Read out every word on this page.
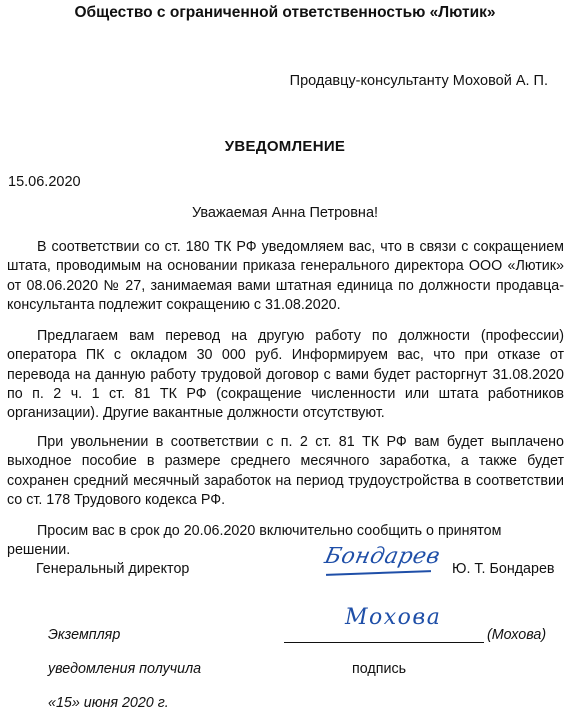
Общество с ограниченной ответственностью «Лютик»
Продавцу-консультанту Моховой А. П.
УВЕДОМЛЕНИЕ
15.06.2020
Уважаемая Анна Петровна!

В соответствии со ст. 180 ТК РФ уведомляем вас, что в связи с сокращением штата, проводимым на основании приказа генерального директора ООО «Лютик» от 08.06.2020 № 27, занимаемая вами штатная единица по должности продавца-консультанта подлежит сокращению с 31.08.2020.

Предлагаем вам перевод на другую работу по должности (профессии) оператора ПК с окладом 30 000 руб. Информируем вас, что при отказе от перевода на данную работу трудовой договор с вами будет расторгнут 31.08.2020 по п. 2 ч. 1 ст. 81 ТК РФ (сокращение численности или штата работников организации). Другие вакантные должности отсутствуют.

При увольнении в соответствии с п. 2 ст. 81 ТК РФ вам будет выплачено выходное пособие в размере среднего месячного заработка, а также будет сохранен средний месячный заработок на период трудоустройства в соответствии со ст. 178 Трудового кодекса РФ.

Просим вас в срок до 20.06.2020 включительно сообщить о принятом решении.

Генеральный директор	Бондарев Ю. Т. Бондарев
Экземпляр
Мохова
(Мохова)
уведомления получила	подпись
«15» июня 2020 г.
